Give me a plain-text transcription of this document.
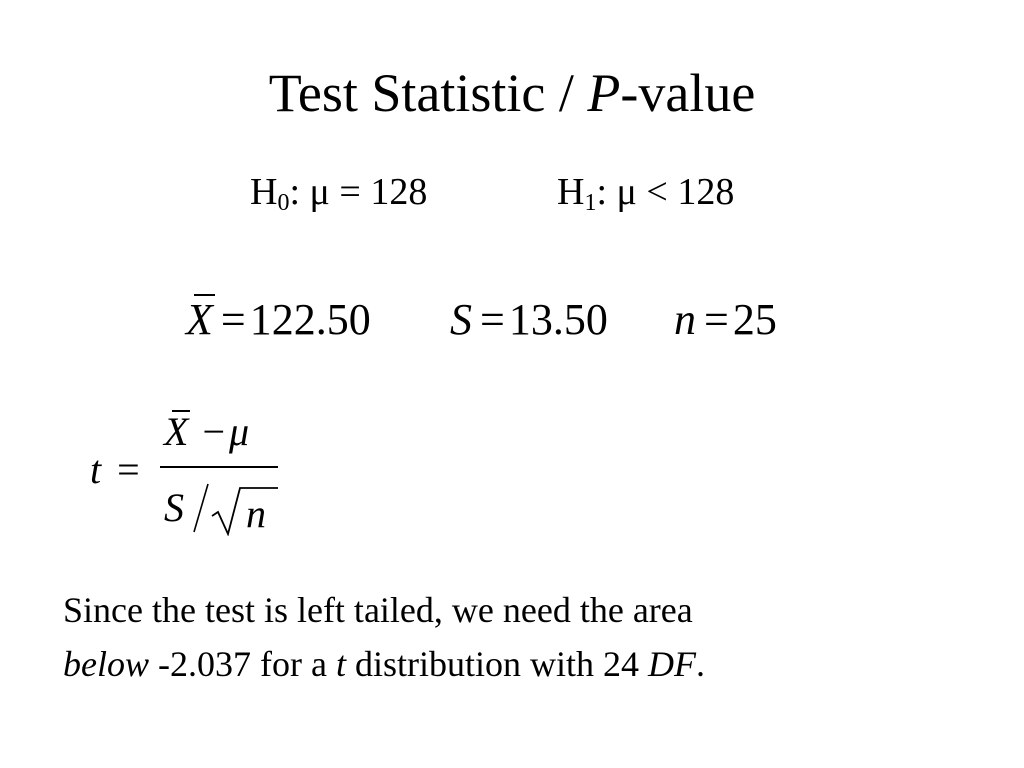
Test Statistic / P-value
$H_0$: μ = 128	$H_1$: μ < 128
X =122.50 S =13.50 n =25
t =
X − μ
S n
Since the test is left tailed, we need the area
below -2.037 for a t distribution with 24 DF.
